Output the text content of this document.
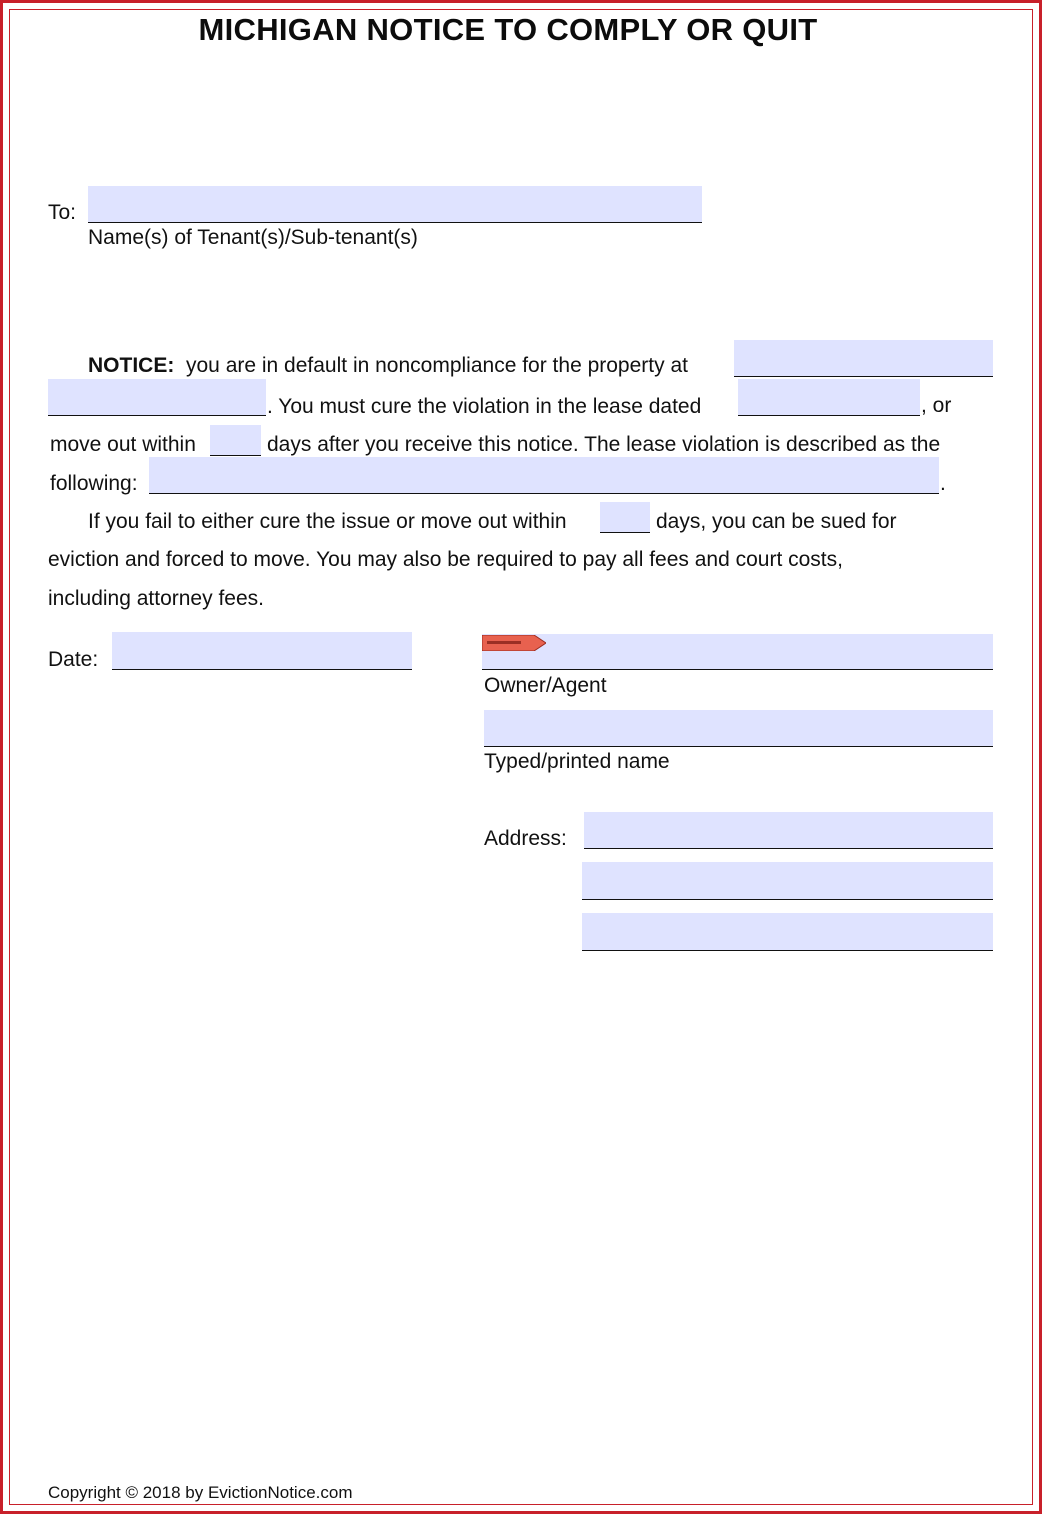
MICHIGAN NOTICE TO COMPLY OR QUIT
To:
Name(s) of Tenant(s)/Sub-tenant(s)
NOTICE: you are in default in noncompliance for the property at
. You must cure the violation in the lease dated	, or
move out within	days after you receive this notice. The lease violation is described as the
following:	.
If you fail to either cure the issue or move out within	days, you can be sued for
eviction and forced to move. You may also be required to pay all fees and court costs,
including attorney fees.
Date:
Owner/Agent
Typed/printed name
Address:
Copyright © 2018 by EvictionNotice.com
